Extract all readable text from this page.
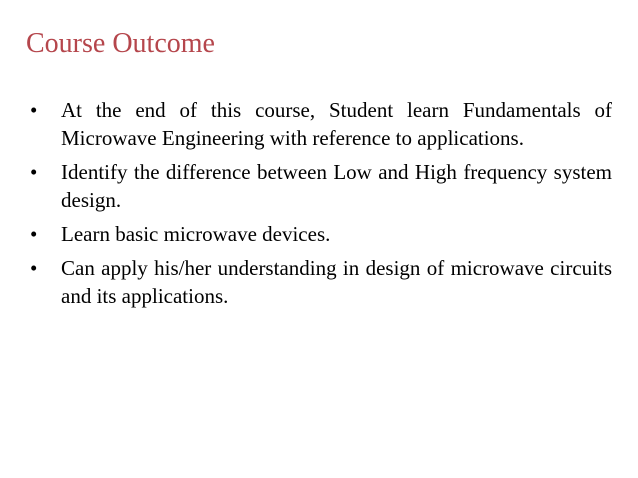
Course Outcome
•	At the end of this course, Student learn Fundamentals of Microwave Engineering with reference to applications.
•	Identify the difference between Low and High frequency system design.
•	Learn basic microwave devices.
•	Can apply his/her understanding in design of microwave circuits and its applications.
